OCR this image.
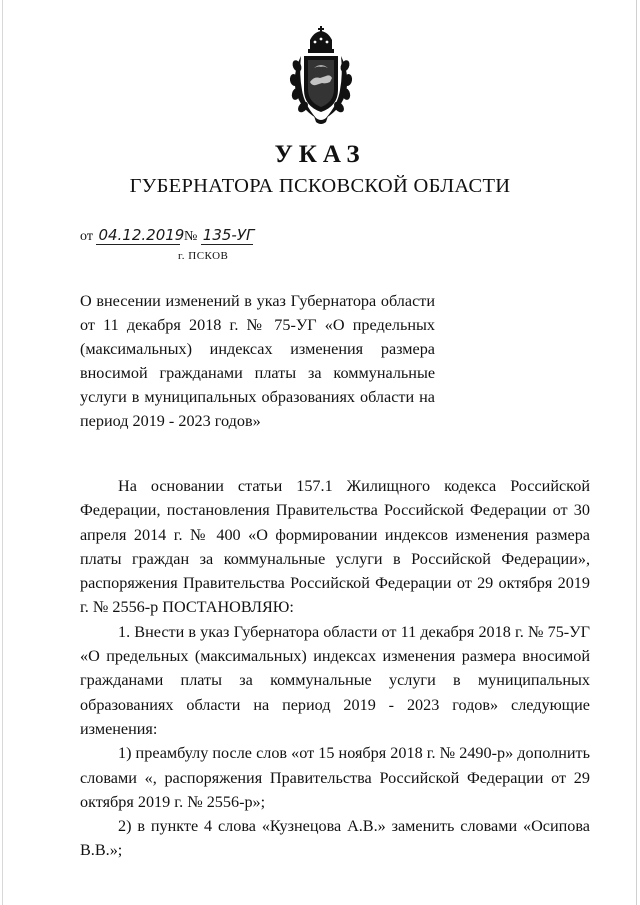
УКАЗ
ГУБЕРНАТОРА ПСКОВСКОЙ ОБЛАСТИ
от 04.12.2019 № 135-УГ
г. ПСКОВ
О внесении изменений в указ Губернатора области от 11 декабря 2018 г. № 75-УГ «О предельных (максимальных) индексах изменения размера вносимой гражданами платы за коммунальные услуги в муниципальных образованиях области на период 2019 - 2023 годов»

На основании статьи 157.1 Жилищного кодекса Российской Федерации, постановления Правительства Российской Федерации от 30 апреля 2014 г. № 400 «О формировании индексов изменения размера платы граждан за коммунальные услуги в Российской Федерации», распоряжения Правительства Российской Федерации от 29 октября 2019 г. № 2556-р ПОСТАНОВЛЯЮ:

1. Внести в указ Губернатора области от 11 декабря 2018 г. № 75-УГ «О предельных (максимальных) индексах изменения размера вносимой гражданами платы за коммунальные услуги в муниципальных образованиях области на период 2019 - 2023 годов» следующие изменения:

1) преамбулу после слов «от 15 ноября 2018 г. № 2490-р» дополнить словами «, распоряжения Правительства Российской Федерации от 29 октября 2019 г. № 2556-р»;

2) в пункте 4 слова «Кузнецова А.В.» заменить словами «Осипова В.В.»;
